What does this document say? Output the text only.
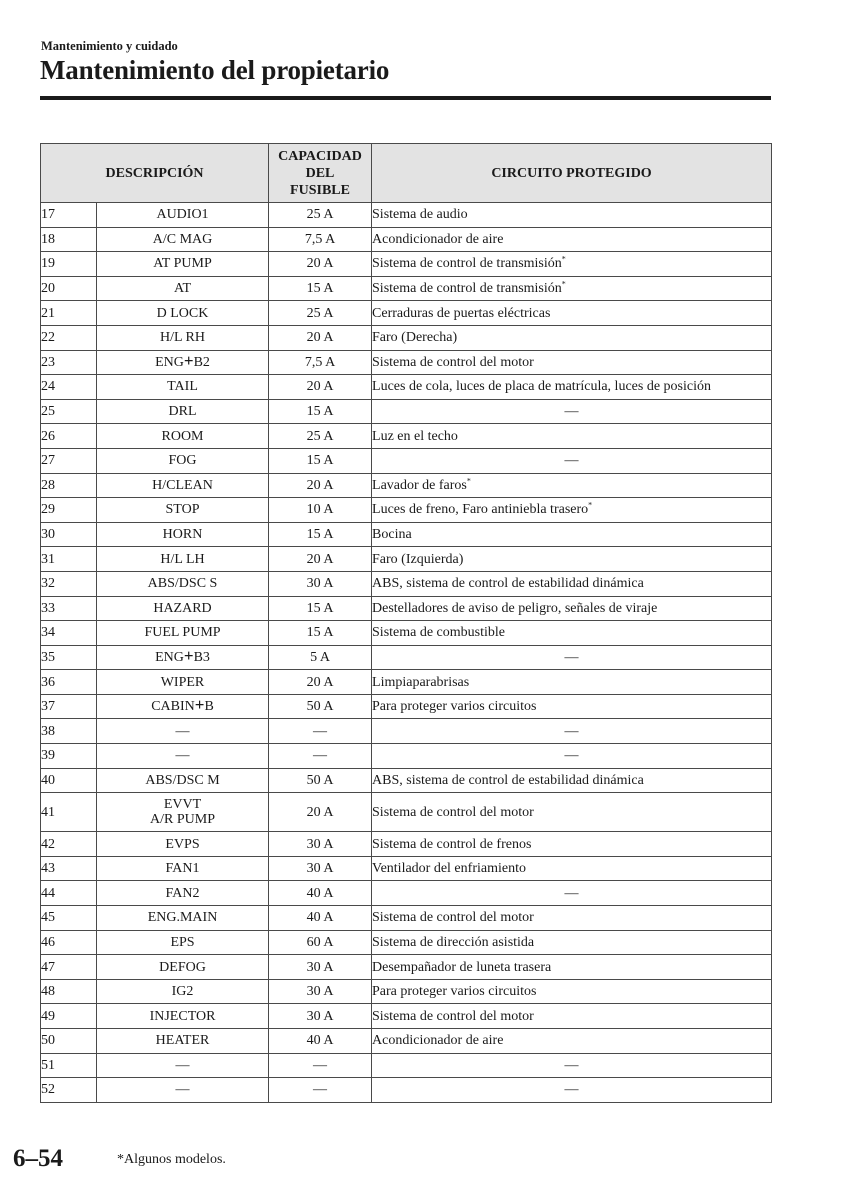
Mantenimiento y cuidado
Mantenimiento del propietario
DESCRIPCIÓN		CAPACIDAD
DEL
FUSIBLE	CIRCUITO PROTEGIDO
17	AUDIO1	25 A	Sistema de audio
18	A/C MAG	7,5 A	Acondicionador de aire
19	AT PUMP	20 A	Sistema de control de transmisión*
20	AT	15 A	Sistema de control de transmisión*
21	D LOCK	25 A	Cerraduras de puertas eléctricas
22	H/L RH	20 A	Faro (Derecha)
23	ENG+B2	7,5 A	Sistema de control del motor
24	TAIL	20 A	Luces de cola, luces de placa de matrícula, luces de posición
25	DRL	15 A	—
26	ROOM	25 A	Luz en el techo
27	FOG	15 A	—
28	H/CLEAN	20 A	Lavador de faros*
29	STOP	10 A	Luces de freno, Faro antiniebla trasero*
30	HORN	15 A	Bocina
31	H/L LH	20 A	Faro (Izquierda)
32	ABS/DSC S	30 A	ABS, sistema de control de estabilidad dinámica
33	HAZARD	15 A	Destelladores de aviso de peligro, señales de viraje
34	FUEL PUMP	15 A	Sistema de combustible
35	ENG+B3	5 A	—
36	WIPER	20 A	Limpiaparabrisas
37	CABIN+B	50 A	Para proteger varios circuitos
38	—	—	—
39	—	—	—
40	ABS/DSC M	50 A	ABS, sistema de control de estabilidad dinámica
41	EVVT
A/R PUMP	20 A	Sistema de control del motor
42	EVPS	30 A	Sistema de control de frenos
43	FAN1	30 A	Ventilador del enfriamiento
44	FAN2	40 A	—
45	ENG.MAIN	40 A	Sistema de control del motor
46	EPS	60 A	Sistema de dirección asistida
47	DEFOG	30 A	Desempañador de luneta trasera
48	IG2	30 A	Para proteger varios circuitos
49	INJECTOR	30 A	Sistema de control del motor
50	HEATER	40 A	Acondicionador de aire
51	—	—	—
52	—	—	—
6–54	*Algunos modelos.
